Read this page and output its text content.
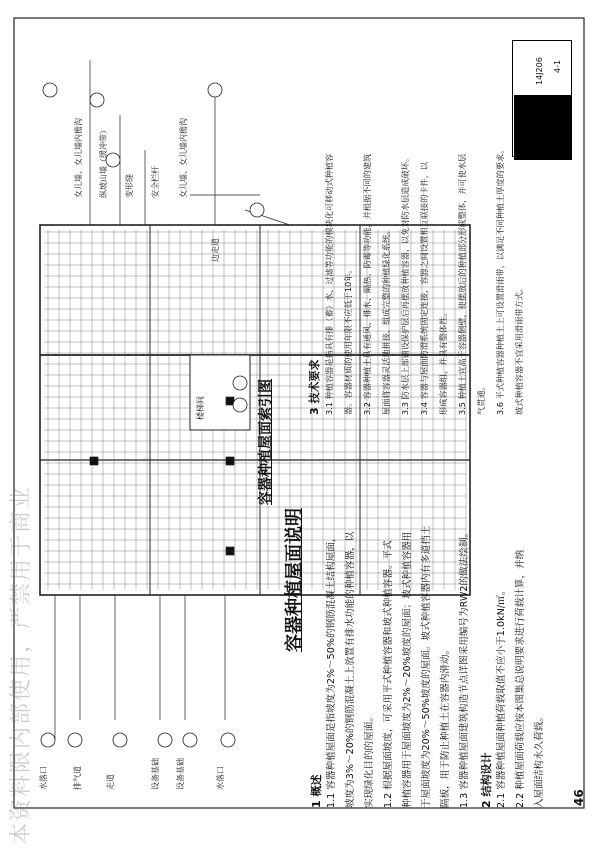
14J206 4-1
女儿墙、女儿墙内檐沟 纵坡山墙（缓冲带） 变形缝 安全栏杆 女儿墙、女儿墙内檐沟
边走道
楼梯间
水落口	排气道	走道	设备基础 设备基础	水落口
容器种植屋面索引图
容器种植屋面说明
1 概述 1.1 容器种植屋面是指坡度为2%～50%的钢筋混凝土结构屋面， 坡度为3%～20%的钢筋混凝土上放置有排水功能的种植容器，以 实现绿化目的的屋面。 1.2 根据屋面坡度，可采用平式种植容器和坡式种植容器。平式 种植容器用于屋面坡度为2%～20%坡度的屋面；坡式种植容器用 于屋面坡度为20%～50%坡度的屋面。坡式种植容器内有多道挡土 隔板，用于防止种植土在容器内滑动。 1.3 容器种植屋面建筑构造节点详图采用编号为RW2的做法绘制。 2 结构设计 2.1 容器种植屋面种植荷载取值不应小于1.0kN/㎡。 2.2 种植屋面荷载应按本图集总说明要求进行荷载计算，并纳 入屋面结构永久荷载。
3 技术要求 3.1 种植容器是指具有排（蓄）水、过滤等功能的模块化可移动式种植容	器。容器材质的使用年限不应低于10年。	3.2 容器种植土具有通风、排水、隔热、防霉等功能，并根据不同的建筑	屋面将容器灵活地拼接、组成完整的种植绿化系统。	3.3 防水层上部铺设保护层后再摆放种植容器，以免对防水层造成破坏。	3.4 容器与屋面防滑系统固定连接，容器之间设置相互联接的卡件，以	形成容器组，并具有整体性。	3.5 种植土宜高于容器侧壁，使摆放后的种植部分形成整体，并可使水层	气贯通。	3.6 平式种植容器种植土上可设置滑雨带，以满足不同种植土厚度的要求。	坡式种植容器不宜采用滑雨带方式。
46
本资料限内部使用，严禁用于商业
